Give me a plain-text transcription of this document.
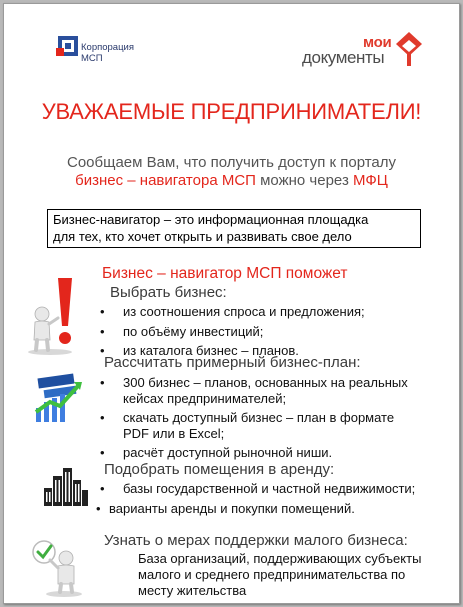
Корпорация
МСП
мои
документы
УВАЖАЕМЫЕ ПРЕДПРИНИМАТЕЛИ!
Сообщаем Вам, что получить доступ к порталу
бизнес – навигатора МСП можно через МФЦ
Бизнес-навигатор – это информационная площадка
для тех, кто хочет открыть и развивать свое дело
Бизнес – навигатор МСП поможет
Выбрать бизнес:
• из соотношения спроса и предложения;
• по объёму инвестиций;
• из каталога бизнес – планов.
Рассчитать примерный бизнес-план:
• 300 бизнес – планов, основанных на реальных кейсах предпринимателей;
• скачать доступный бизнес – план в формате PDF или в Excel;
• расчёт доступной рыночной ниши.
Подобрать помещения в аренду:
• базы государственной и частной недвижимости;
• варианты аренды и покупки помещений.
Узнать о мерах поддержки малого бизнеса:
База организаций, поддерживающих субъекты малого и среднего предпринимательства по месту жительства
